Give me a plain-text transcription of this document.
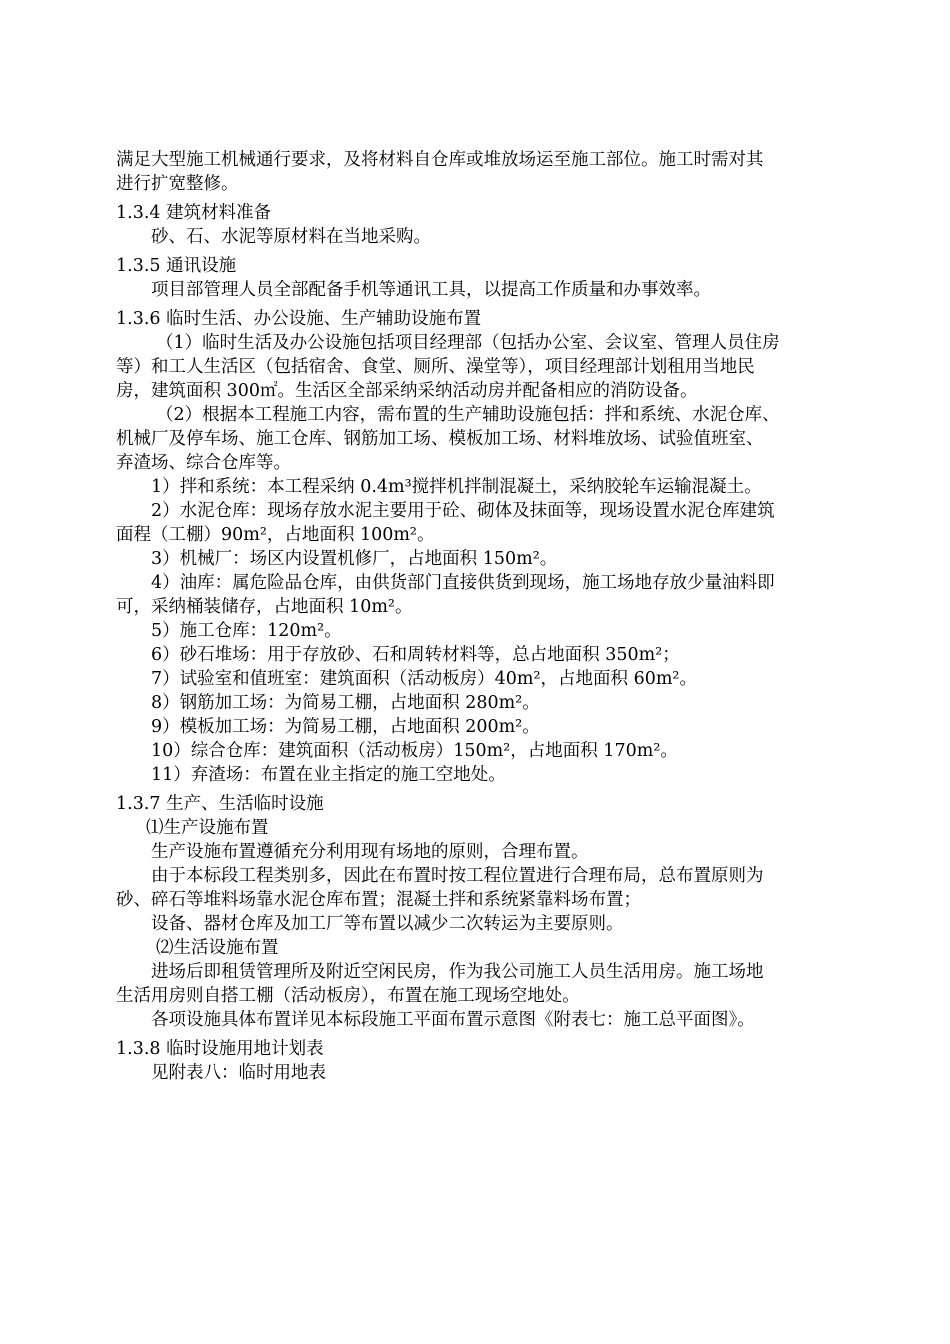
满足大型施工机械通行要求，及将材料自仓库或堆放场运至施工部位。施工时需对其

进行扩宽整修。

1.3.4 建筑材料准备

砂、石、水泥等原材料在当地采购。

1.3.5 通讯设施

项目部管理人员全部配备手机等通讯工具，以提高工作质量和办事效率。

1.3.6 临时生活、办公设施、生产辅助设施布置

（1）临时生活及办公设施包括项目经理部（包括办公室、会议室、管理人员住房

等）和工人生活区（包括宿舍、食堂、厕所、澡堂等），项目经理部计划租用当地民

房，建筑面积 300㎡。生活区全部采纳采纳活动房并配备相应的消防设备。

（2）根据本工程施工内容，需布置的生产辅助设施包括：拌和系统、水泥仓库、

机械厂及停车场、施工仓库、钢筋加工场、模板加工场、材料堆放场、试验值班室、

弃渣场、综合仓库等。

1）拌和系统：本工程采纳 0.4m³搅拌机拌制混凝土，采纳胶轮车运输混凝土。

2）水泥仓库：现场存放水泥主要用于砼、砌体及抹面等，现场设置水泥仓库建筑

面程（工棚）90m²，占地面积 100m²。

3）机械厂：场区内设置机修厂，占地面积 150m²。

4）油库：属危险品仓库，由供货部门直接供货到现场，施工场地存放少量油料即

可，采纳桶装储存，占地面积 10m²。

5）施工仓库：120m²。

6）砂石堆场：用于存放砂、石和周转材料等，总占地面积 350m²；

7）试验室和值班室：建筑面积（活动板房）40m²，占地面积 60m²。

8）钢筋加工场：为简易工棚，占地面积 280m²。

9）模板加工场：为简易工棚，占地面积 200m²。

10）综合仓库：建筑面积（活动板房）150m²，占地面积 170m²。

11）弃渣场：布置在业主指定的施工空地处。

1.3.7 生产、生活临时设施

⑴生产设施布置

生产设施布置遵循充分利用现有场地的原则，合理布置。

由于本标段工程类别多，因此在布置时按工程位置进行合理布局，总布置原则为

砂、碎石等堆料场靠水泥仓库布置；混凝土拌和系统紧靠料场布置；

设备、器材仓库及加工厂等布置以减少二次转运为主要原则。

⑵生活设施布置

进场后即租赁管理所及附近空闲民房，作为我公司施工人员生活用房。施工场地

生活用房则自搭工棚（活动板房），布置在施工现场空地处。

各项设施具体布置详见本标段施工平面布置示意图《附表七：施工总平面图》。

1.3.8 临时设施用地计划表

见附表八：临时用地表
